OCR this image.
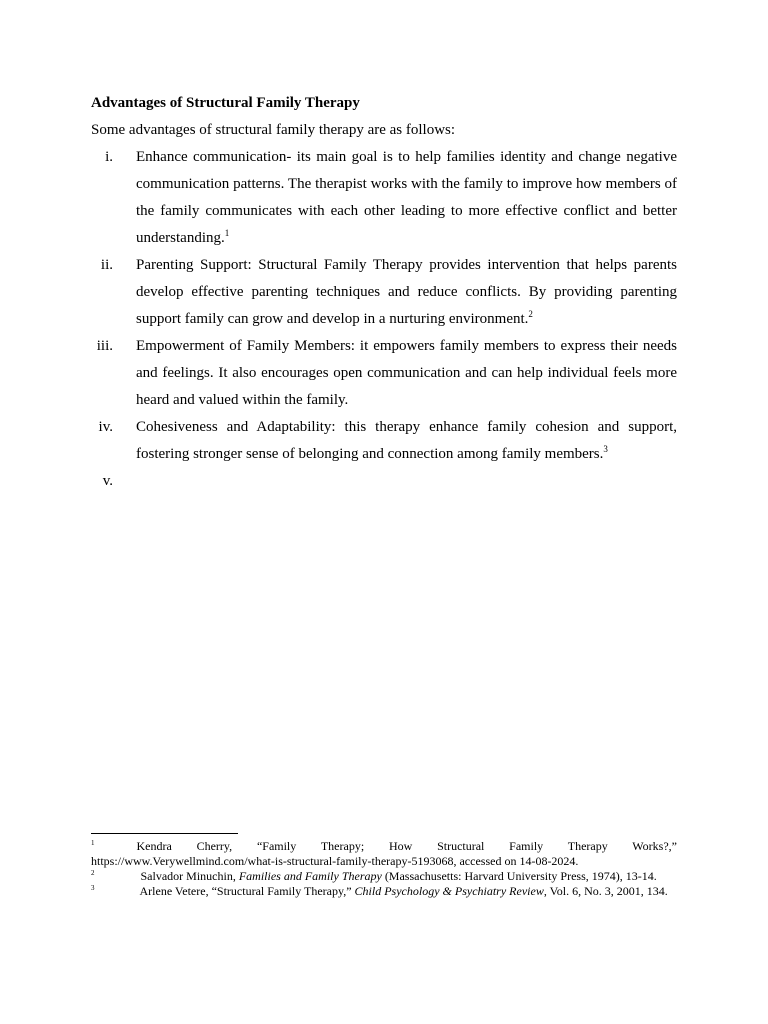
Advantages of Structural Family Therapy

Some advantages of structural family therapy are as follows:

i. Enhance communication- its main goal is to help families identity and change negative communication patterns. The therapist works with the family to improve how members of the family communicates with each other leading to more effective conflict and better understanding.$^1$
ii. Parenting Support: Structural Family Therapy provides intervention that helps parents develop effective parenting techniques and reduce conflicts. By providing parenting support family can grow and develop in a nurturing environment.$^2$
iii. Empowerment of Family Members: it empowers family members to express their needs and feelings. It also encourages open communication and can help individual feels more heard and valued within the family.
iv. Cohesiveness and Adaptability: this therapy enhance family cohesion and support, fostering stronger sense of belonging and connection among family members.$^3$
v.
$^1$	Kendra Cherry, “Family Therapy; How Structural Family Therapy Works?,” https://www.Verywellmind.com/what-is-structural-family-therapy-5193068, accessed on 14-08-2024.
$^2$	Salvador Minuchin, Families and Family Therapy (Massachusetts: Harvard University Press, 1974), 13-14.
$^3$	Arlene Vetere, “Structural Family Therapy,” Child Psychology & Psychiatry Review, Vol. 6, No. 3, 2001, 134.
